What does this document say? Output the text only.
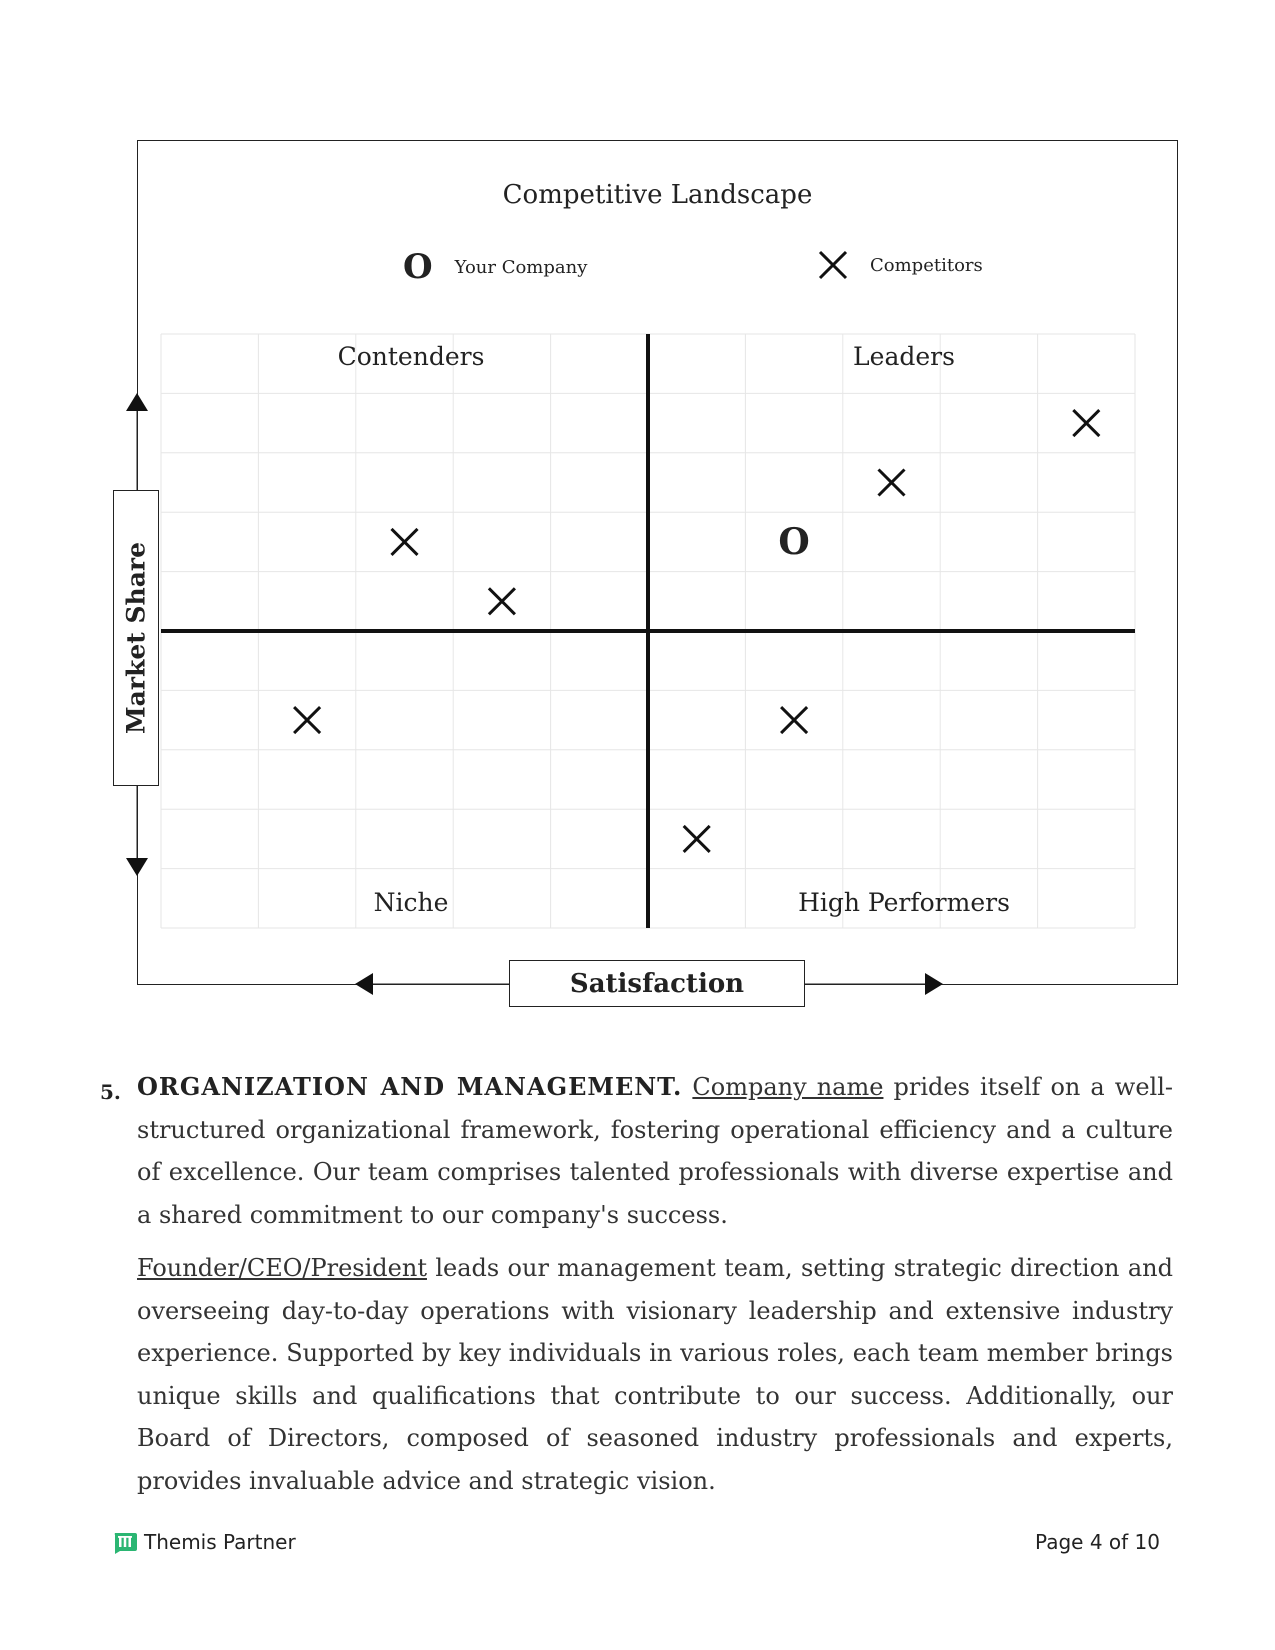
Competitive Landscape
O Your Company	Competitors
O
Contenders	Leaders
Niche	High Performers
Market Share
Satisfaction
5. ORGANIZATION AND MANAGEMENT. Company name prides itself on a well-structured organizational framework, fostering operational efficiency and a culture of excellence. Our team comprises talented professionals with diverse expertise and a shared commitment to our company's success.
Founder/CEO/President leads our management team, setting strategic direction and overseeing day-to-day operations with visionary leadership and extensive industry experience. Supported by key individuals in various roles, each team member brings unique skills and qualifications that contribute to our success. Additionally, our Board of Directors, composed of seasoned industry professionals and experts, provides invaluable advice and strategic vision.
Themis Partner	Page 4 of 10
